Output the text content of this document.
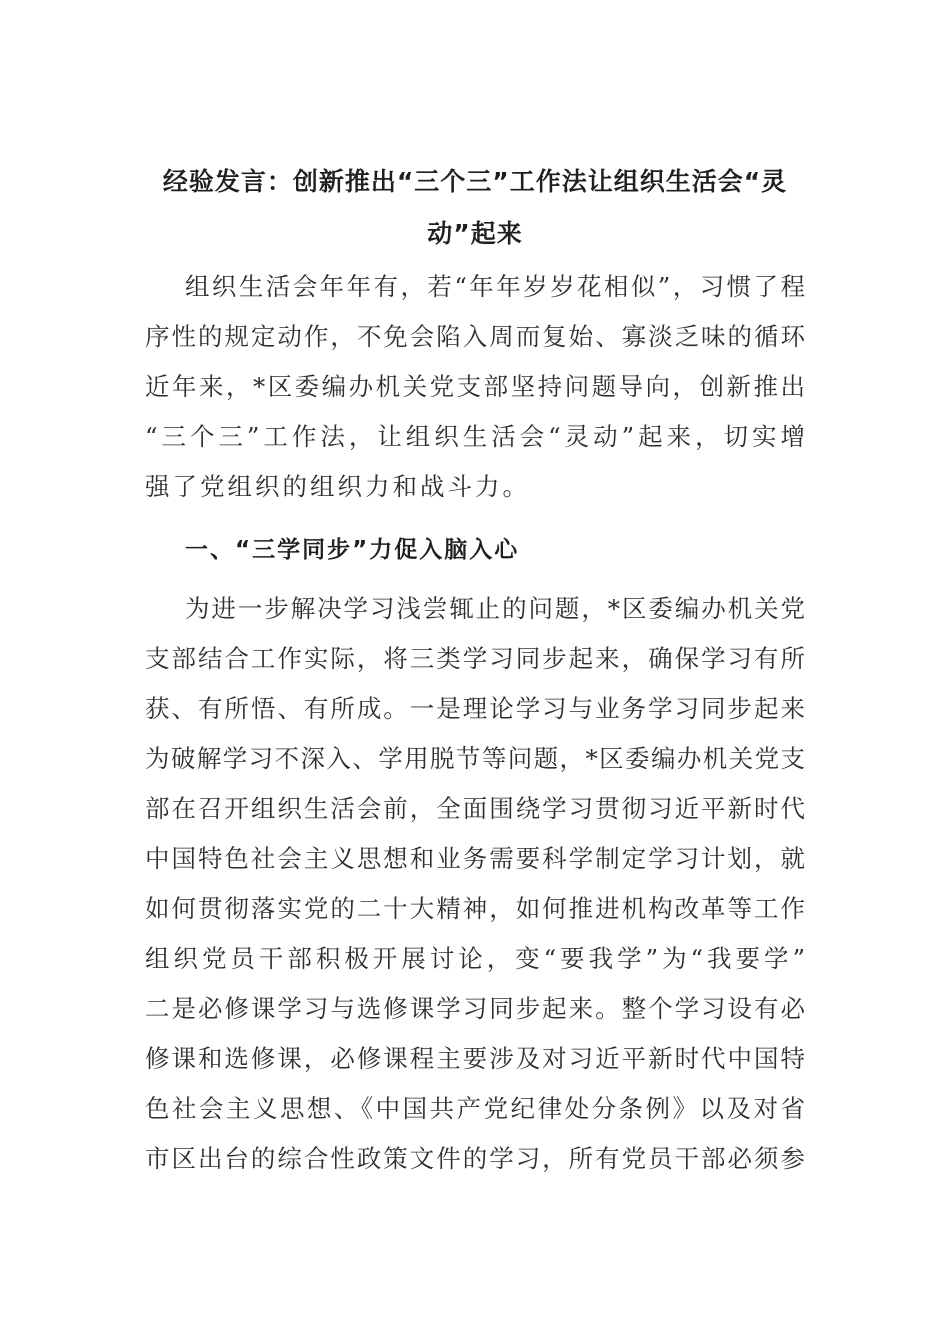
经验发言：创新推出“三个三”工作法让组织生活会“灵动”起来

组织生活会年年有，若“年年岁岁花相似”，习惯了程

序性的规定动作，不免会陷入周而复始、寡淡乏味的循环

近年来，*区委编办机关党支部坚持问题导向，创新推出

“三个三”工作法，让组织生活会“灵动”起来，切实增

强了党组织的组织力和战斗力。

一、“三学同步”力促入脑入心

为进一步解决学习浅尝辄止的问题，*区委编办机关党

支部结合工作实际，将三类学习同步起来，确保学习有所

获、有所悟、有所成。一是理论学习与业务学习同步起来

为破解学习不深入、学用脱节等问题，*区委编办机关党支

部在召开组织生活会前，全面围绕学习贯彻习近平新时代

中国特色社会主义思想和业务需要科学制定学习计划，就

如何贯彻落实党的二十大精神，如何推进机构改革等工作

组织党员干部积极开展讨论，变“要我学”为“我要学”

二是必修课学习与选修课学习同步起来。整个学习设有必

修课和选修课，必修课程主要涉及对习近平新时代中国特

色社会主义思想、《中国共产党纪律处分条例》以及对省

市区出台的综合性政策文件的学习，所有党员干部必须参
